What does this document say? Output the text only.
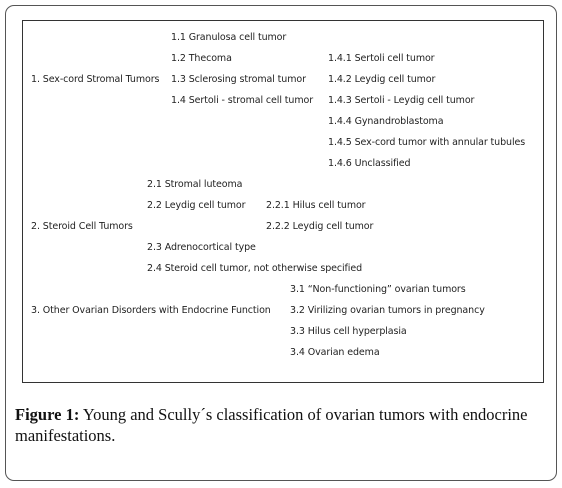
1.1 Granulosa cell tumor
1.2 Thecoma
1. Sex-cord Stromal Tumors 1.3 Sclerosing stromal tumor
1.4 Sertoli - stromal cell tumor
1.4.1 Sertoli cell tumor
1.4.2 Leydig cell tumor
1.4.3 Sertoli - Leydig cell tumor
1.4.4 Gynandroblastoma
1.4.5 Sex-cord tumor with annular tubules
1.4.6 Unclassified
2.1 Stromal luteoma
2.2 Leydig cell tumor 2.2.1 Hilus cell tumor
2. Steroid Cell Tumors	2.2.2 Leydig cell tumor
2.3 Adrenocortical type
2.4 Steroid cell tumor, not otherwise specified
3.1 “Non-functioning” ovarian tumors
3. Other Ovarian Disorders with Endocrine Function 3.2 Virilizing ovarian tumors in pregnancy
3.3 Hilus cell hyperplasia
3.4 Ovarian edema
Figure 1: Young and Scully´s classification of ovarian tumors with endocrine manifestations.
